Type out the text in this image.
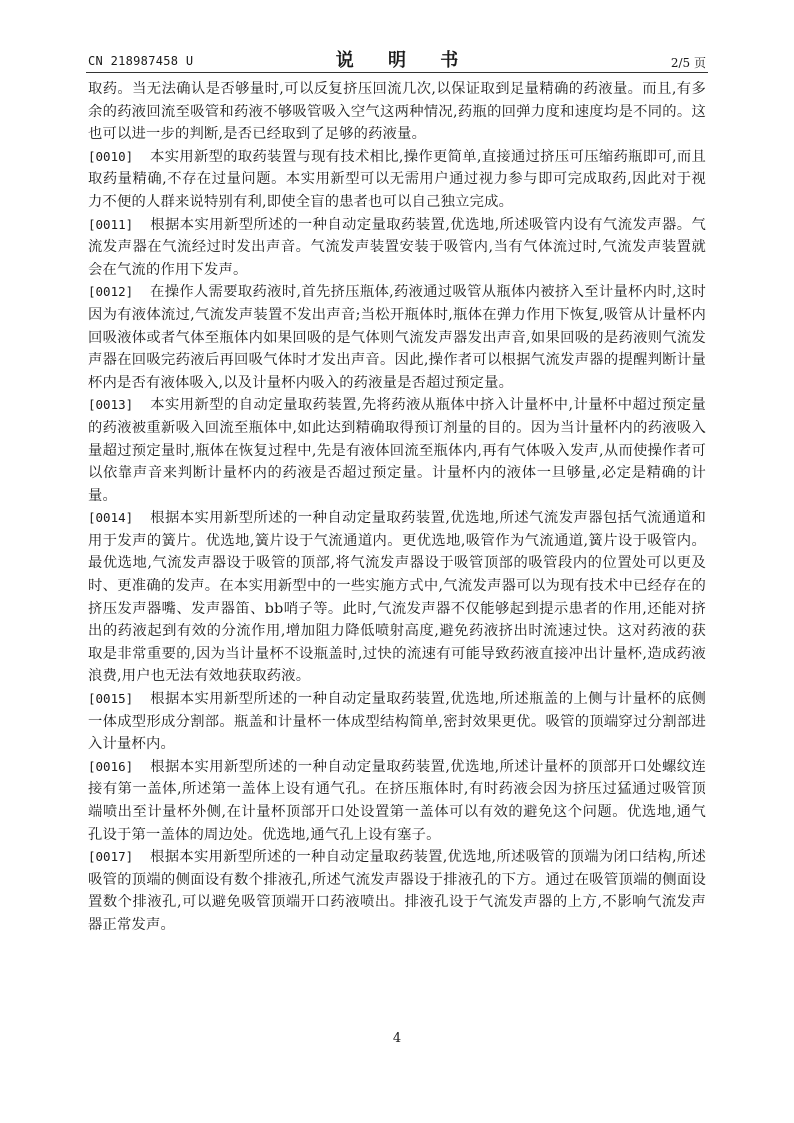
CN 218987458 U	说 明 书	2/5 页

取药。当无法确认是否够量时,可以反复挤压回流几次,以保证取到足量精确的药液量。而且,有多余的药液回流至吸管和药液不够吸管吸入空气这两种情况,药瓶的回弹力度和速度均是不同的。这也可以进一步的判断,是否已经取到了足够的药液量。

[0010] 本实用新型的取药装置与现有技术相比,操作更简单,直接通过挤压可压缩药瓶即可,而且取药量精确,不存在过量问题。本实用新型可以无需用户通过视力参与即可完成取药,因此对于视力不便的人群来说特别有利,即使全盲的患者也可以自己独立完成。

[0011] 根据本实用新型所述的一种自动定量取药装置,优选地,所述吸管内设有气流发声器。气流发声器在气流经过时发出声音。气流发声装置安装于吸管内,当有气体流过时,气流发声装置就会在气流的作用下发声。

[0012] 在操作人需要取药液时,首先挤压瓶体,药液通过吸管从瓶体内被挤入至计量杯内时,这时因为有液体流过,气流发声装置不发出声音;当松开瓶体时,瓶体在弹力作用下恢复,吸管从计量杯内回吸液体或者气体至瓶体内如果回吸的是气体则气流发声器发出声音,如果回吸的是药液则气流发声器在回吸完药液后再回吸气体时才发出声音。因此,操作者可以根据气流发声器的提醒判断计量杯内是否有液体吸入,以及计量杯内吸入的药液量是否超过预定量。

[0013] 本实用新型的自动定量取药装置,先将药液从瓶体中挤入计量杯中,计量杯中超过预定量的药液被重新吸入回流至瓶体中,如此达到精确取得预订剂量的目的。因为当计量杯内的药液吸入量超过预定量时,瓶体在恢复过程中,先是有液体回流至瓶体内,再有气体吸入发声,从而使操作者可以依靠声音来判断计量杯内的药液是否超过预定量。计量杯内的液体一旦够量,必定是精确的计量。

[0014] 根据本实用新型所述的一种自动定量取药装置,优选地,所述气流发声器包括气流通道和用于发声的簧片。优选地,簧片设于气流通道内。更优选地,吸管作为气流通道,簧片设于吸管内。最优选地,气流发声器设于吸管的顶部,将气流发声器设于吸管顶部的吸管段内的位置处可以更及时、更准确的发声。在本实用新型中的一些实施方式中,气流发声器可以为现有技术中已经存在的挤压发声器嘴、发声器笛、bb哨子等。此时,气流发声器不仅能够起到提示患者的作用,还能对挤出的药液起到有效的分流作用,增加阻力降低喷射高度,避免药液挤出时流速过快。这对药液的获取是非常重要的,因为当计量杯不设瓶盖时,过快的流速有可能导致药液直接冲出计量杯,造成药液浪费,用户也无法有效地获取药液。

[0015] 根据本实用新型所述的一种自动定量取药装置,优选地,所述瓶盖的上侧与计量杯的底侧一体成型形成分割部。瓶盖和计量杯一体成型结构简单,密封效果更优。吸管的顶端穿过分割部进入计量杯内。

[0016] 根据本实用新型所述的一种自动定量取药装置,优选地,所述计量杯的顶部开口处螺纹连接有第一盖体,所述第一盖体上设有通气孔。在挤压瓶体时,有时药液会因为挤压过猛通过吸管顶端喷出至计量杯外侧,在计量杯顶部开口处设置第一盖体可以有效的避免这个问题。优选地,通气孔设于第一盖体的周边处。优选地,通气孔上设有塞子。

[0017] 根据本实用新型所述的一种自动定量取药装置,优选地,所述吸管的顶端为闭口结构,所述吸管的顶端的侧面设有数个排液孔,所述气流发声器设于排液孔的下方。通过在吸管顶端的侧面设置数个排液孔,可以避免吸管顶端开口药液喷出。排液孔设于气流发声器的上方,不影响气流发声器正常发声。

4
